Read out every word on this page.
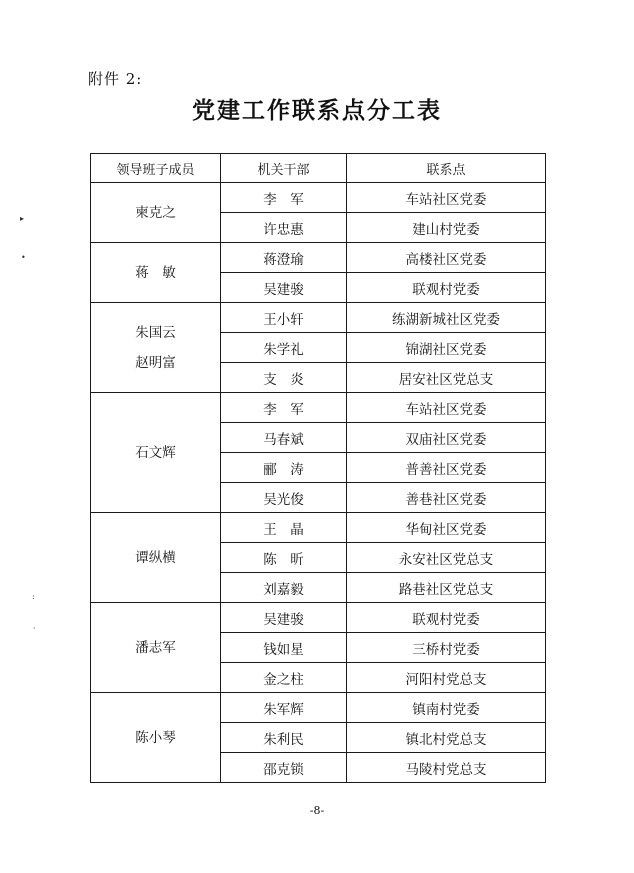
附件 2:
党建工作联系点分工表
领导班子成员	机关干部	联系点

柬克之	李　军	车站社区党委
	许忠惠	建山村党委

蒋　敏	蒋澄瑜	高楼社区党委
	吴建骏	联观村党委

朱国云
赵明富	王小轩	练湖新城社区党委
	朱学礼	锦湖社区党委
	支　炎	居安社区党总支

石文辉	李　军	车站社区党委
	马春斌	双庙社区党委
	郦　涛	普善社区党委
	吴光俊	善巷社区党委

谭纵横	王　晶	华甸社区党委
	陈　昕	永安社区党总支
	刘嘉毅	路巷社区党总支

潘志军	吴建骏	联观村党委
	钱如星	三桥村党委
	金之柱	河阳村党总支

陈小琴	朱军辉	镇南村党委
	朱利民	镇北村党总支
	邵克锁	马陵村党总支
-8-
▸
•
:
·
